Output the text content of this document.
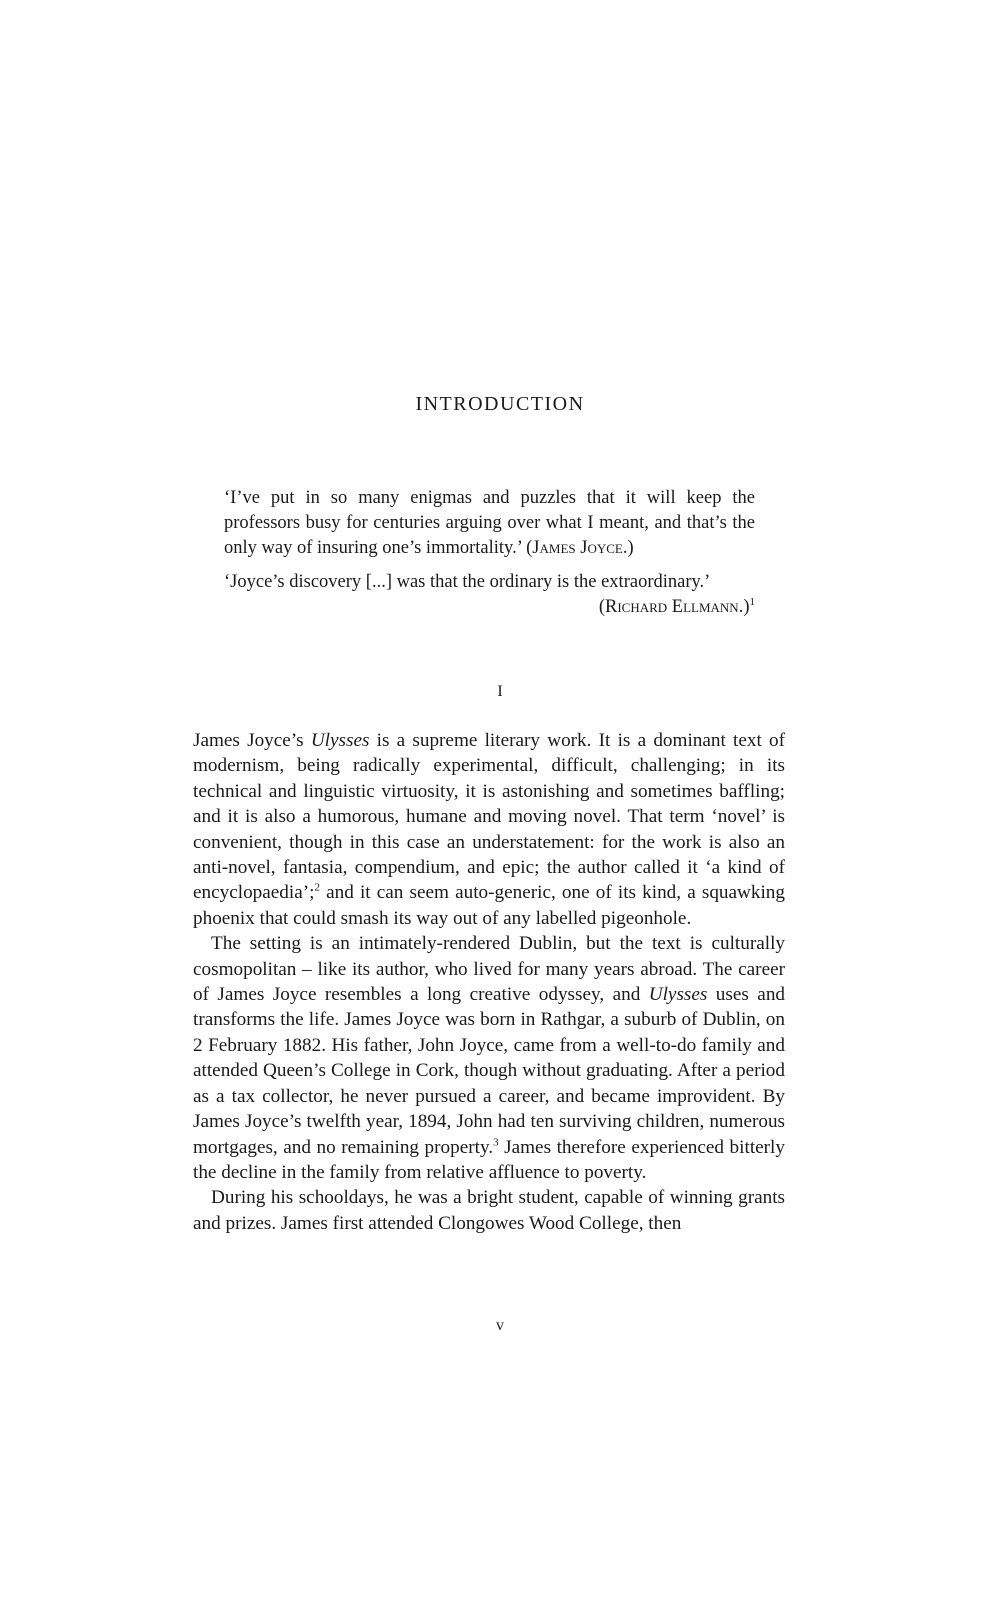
INTRODUCTION
‘I’ve put in so many enigmas and puzzles that it will keep the professors busy for centuries arguing over what I meant, and that’s the only way of insuring one’s immortality.’ (James Joyce.)
‘Joyce’s discovery [...] was that the ordinary is the extraordinary.’
(Richard Ellmann.)$^1$
I

James Joyce’s Ulysses is a supreme literary work. It is a dominant text of modernism, being radically experimental, difficult, challenging; in its technical and linguistic virtuosity, it is astonishing and sometimes baffling; and it is also a humorous, humane and moving novel. That term ‘novel’ is convenient, though in this case an understatement: for the work is also an anti-novel, fantasia, compendium, and epic; the author called it ‘a kind of encyclopaedia’;$^2$ and it can seem auto-generic, one of its kind, a squawking phoenix that could smash its way out of any labelled pigeonhole.

The setting is an intimately-rendered Dublin, but the text is culturally cosmopolitan – like its author, who lived for many years abroad. The career of James Joyce resembles a long creative odyssey, and Ulysses uses and transforms the life. James Joyce was born in Rathgar, a suburb of Dublin, on 2 February 1882. His father, John Joyce, came from a well-to-do family and attended Queen’s College in Cork, though without graduating. After a period as a tax collector, he never pursued a career, and became improvident. By James Joyce’s twelfth year, 1894, John had ten surviving children, numerous mortgages, and no remaining property.$^3$ James therefore experienced bitterly the decline in the family from relative affluence to poverty.

During his schooldays, he was a bright student, capable of winning grants and prizes. James first attended Clongowes Wood College, then

v
